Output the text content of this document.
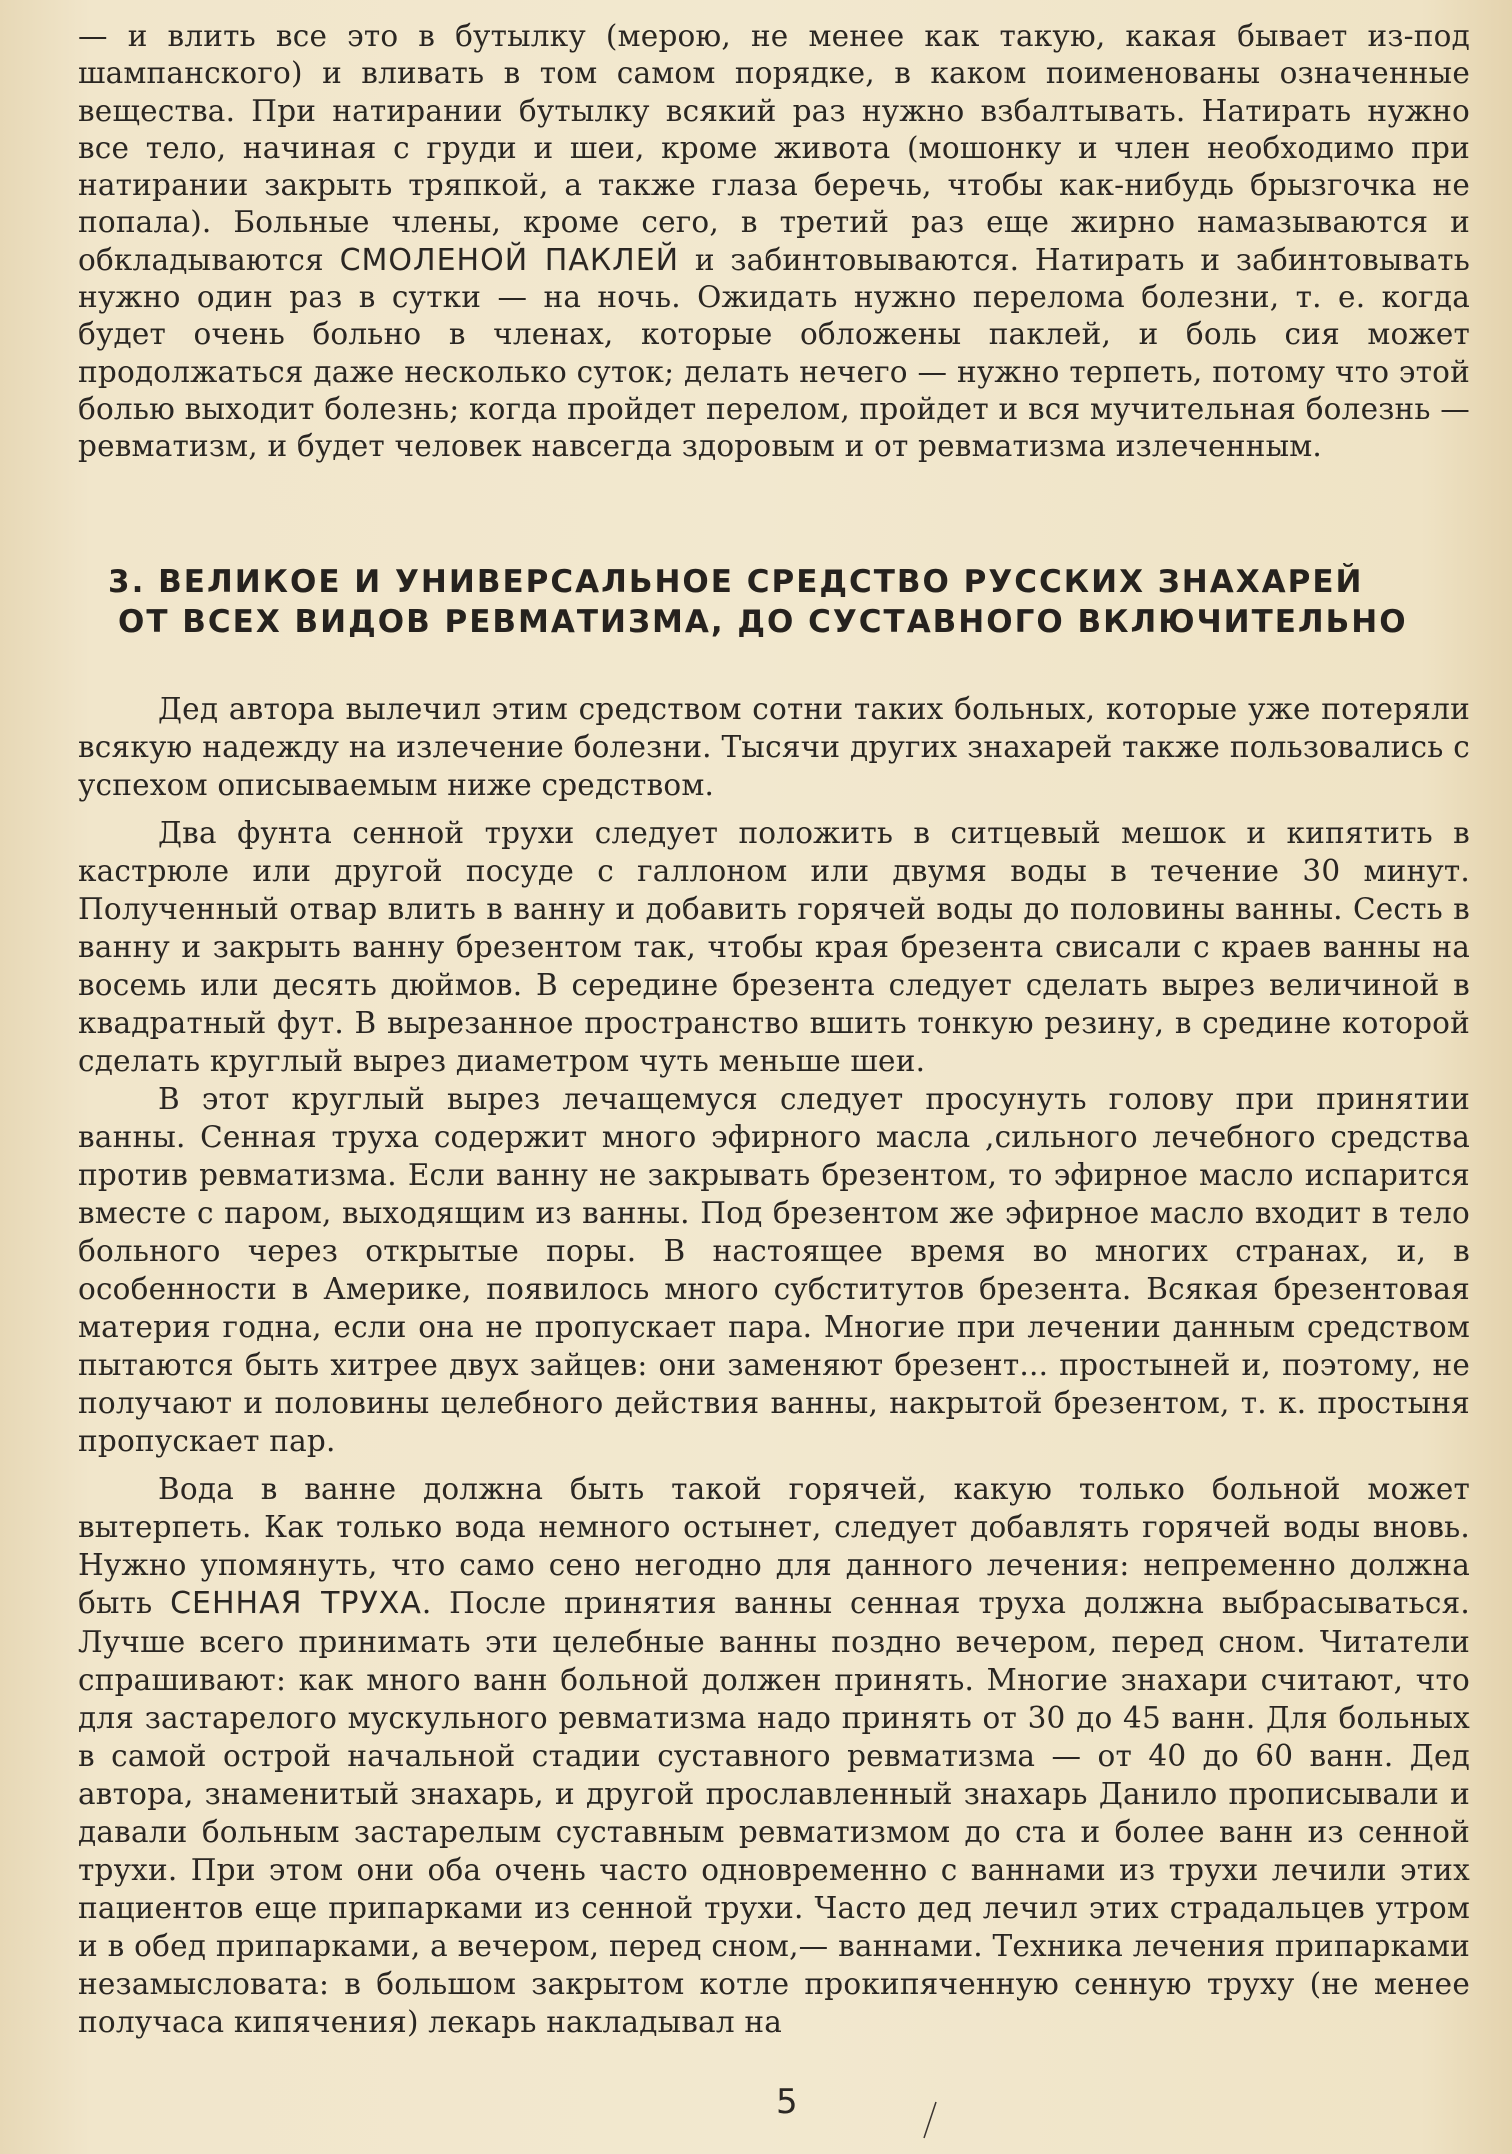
— и влить все это в бутылку (мерою, не менее как такую, какая бывает из-под шампанского) и вливать в том самом порядке, в каком поименованы означенные вещества. При натирании бутылку всякий раз нужно взбалтывать. Натирать нужно все тело, начиная с груди и шеи, кроме живота (мошонку и член необходимо при натирании закрыть тряпкой, а также глаза беречь, чтобы как-нибудь брызгочка не попала). Больные члены, кроме сего, в третий раз еще жирно намазываются и обкладываются СМОЛЕНОЙ ПАКЛЕЙ и забинтовываются. Натирать и забинтовывать нужно один раз в сутки — на ночь. Ожидать нужно перелома болезни, т. е. когда будет очень больно в членах, которые обложены паклей, и боль сия может продолжаться даже несколько суток; делать нечего — нужно терпеть, потому что этой болью выходит болезнь; когда пройдет перелом, пройдет и вся мучительная болезнь — ревматизм, и будет человек навсегда здоровым и от ревматизма излеченным.

3. ВЕЛИКОЕ И УНИВЕРСАЛЬНОЕ СРЕДСТВО РУССКИХ ЗНАХАРЕЙ
ОТ ВСЕХ ВИДОВ РЕВМАТИЗМА, ДО СУСТАВНОГО ВКЛЮЧИТЕЛЬНО

Дед автора вылечил этим средством сотни таких больных, которые уже потеряли всякую надежду на излечение болезни. Тысячи других знахарей также пользовались с успехом описываемым ниже средством.

Два фунта сенной трухи следует положить в ситцевый мешок и кипятить в кастрюле или другой посуде с галлоном или двумя воды в течение 30 минут. Полученный отвар влить в ванну и добавить горячей воды до половины ванны. Сесть в ванну и закрыть ванну брезентом так, чтобы края брезента свисали с краев ванны на восемь или десять дюймов. В середине брезента следует сделать вырез величиной в квадратный фут. В вырезанное пространство вшить тонкую резину, в средине которой сделать круглый вырез диаметром чуть меньше шеи.

В этот круглый вырез лечащемуся следует просунуть голову при принятии ванны. Сенная труха содержит много эфирного масла ,сильного лечебного средства против ревматизма. Если ванну не закрывать брезентом, то эфирное масло испарится вместе с паром, выходящим из ванны. Под брезентом же эфирное масло входит в тело больного через открытые поры. В настоящее время во многих странах, и, в особенности в Америке, появилось много субститутов брезента. Всякая брезентовая материя годна, если она не пропускает пара. Многие при лечении данным средством пытаются быть хитрее двух зайцев: они заменяют брезент... простыней и, поэтому, не получают и половины целебного действия ванны, накрытой брезентом, т. к. простыня пропускает пар.

Вода в ванне должна быть такой горячей, какую только больной может вытерпеть. Как только вода немного остынет, следует добавлять горячей воды вновь. Нужно упомянуть, что само сено негодно для данного лечения: непременно должна быть СЕННАЯ ТРУХА. После принятия ванны сенная труха должна выбрасываться. Лучше всего принимать эти целебные ванны поздно вечером, перед сном. Читатели спрашивают: как много ванн больной должен принять. Многие знахари считают, что для застарелого мускульного ревматизма надо принять от 30 до 45 ванн. Для больных в самой острой начальной стадии суставного ревматизма — от 40 до 60 ванн. Дед автора, знаменитый знахарь, и другой прославленный знахарь Данило прописывали и давали больным застарелым суставным ревматизмом до ста и более ванн из сенной трухи. При этом они оба очень часто одновременно с ваннами из трухи лечили этих пациентов еще припарками из сенной трухи. Часто дед лечил этих страдальцев утром и в обед припарками, а вечером, перед сном,— ваннами. Техника лечения припарками незамысловата: в большом закрытом котле прокипяченную сенную труху (не менее получаса кипячения) лекарь накладывал на

5
